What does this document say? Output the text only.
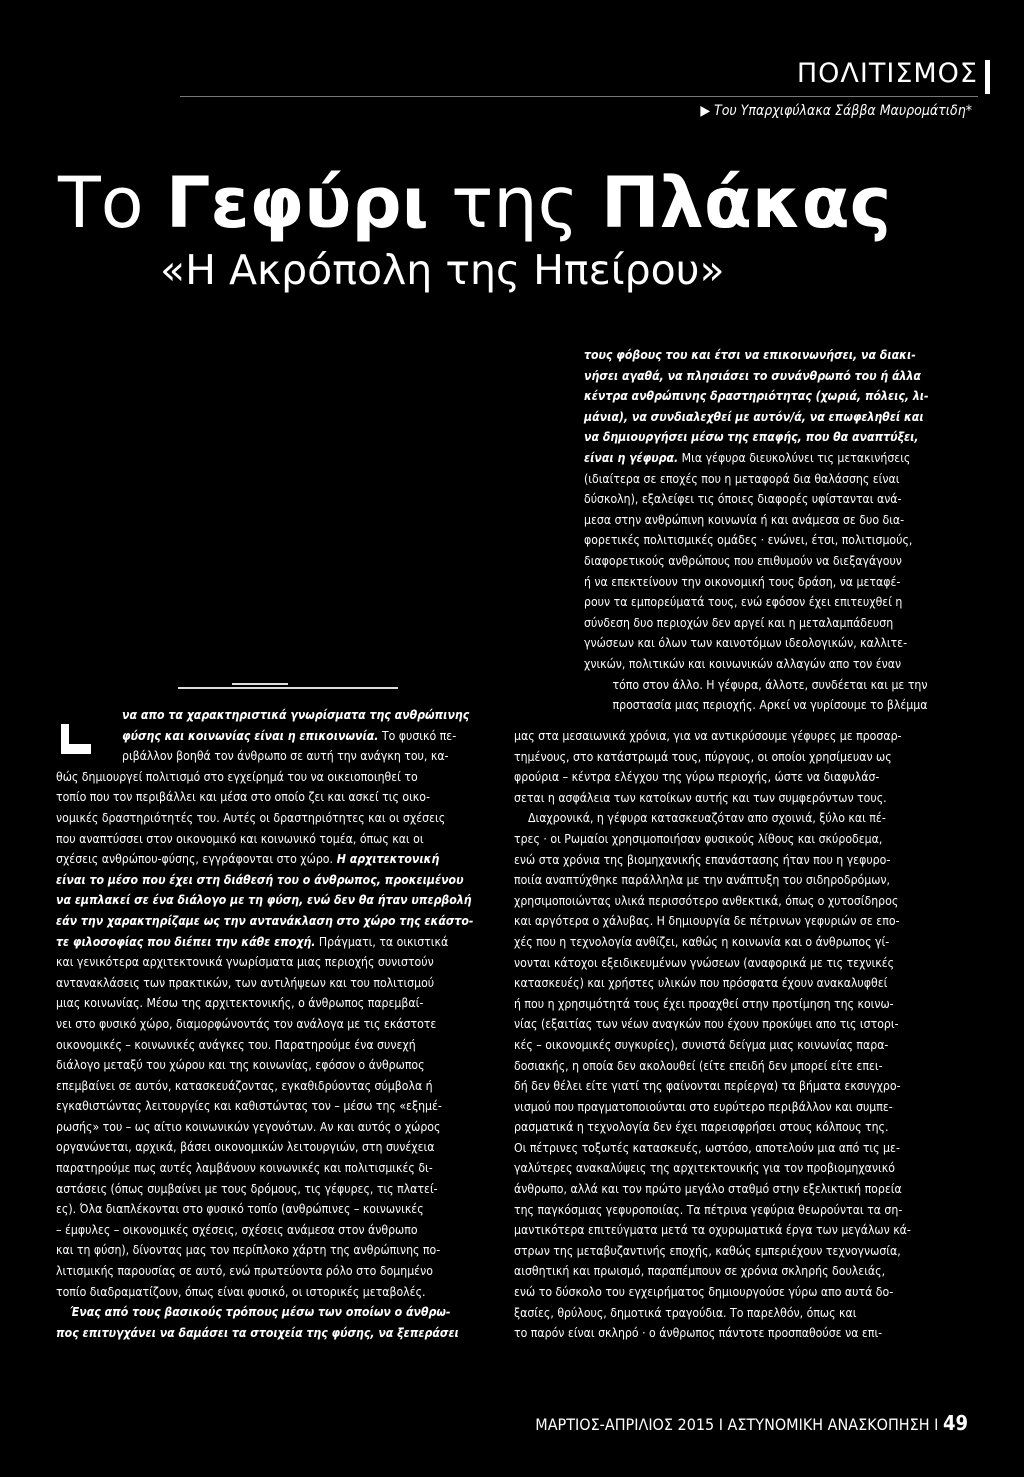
ΠΟΛΙΤΙΣΜΟΣ
▶ Του Υπαρχιφύλακα Σάββα Μαυρομάτιδη*
Το Γεφύρι της Πλάκας
«Η Ακρόπολη της Ηπείρου»
να απο τα χαρακτηριστικά γνωρίσματα της ανθρώπινης
φύσης και κοινωνίας είναι η επικοινωνία. Το φυσικό πε-
ριβάλλον βοηθά τον άνθρωπο σε αυτή την ανάγκη του, κα-
θώς δημιουργεί πολιτισμό στο εγχείρημά του να οικειοποιηθεί το
τοπίο που τον περιβάλλει και μέσα στο οποίο ζει και ασκεί τις οικο-
νομικές δραστηριότητές του. Αυτές οι δραστηριότητες και οι σχέσεις
που αναπτύσσει στον οικονομικό και κοινωνικό τομέα, όπως και οι
σχέσεις ανθρώπου-φύσης, εγγράφονται στο χώρο. Η αρχιτεκτονική
είναι το μέσο που έχει στη διάθεσή του ο άνθρωπος, προκειμένου
να εμπλακεί σε ένα διάλογο με τη φύση, ενώ δεν θα ήταν υπερβολή
εάν την χαρακτηρίζαμε ως την αντανάκλαση στο χώρο της εκάστο-
τε φιλοσοφίας που διέπει την κάθε εποχή. Πράγματι, τα οικιστικά
και γενικότερα αρχιτεκτονικά γνωρίσματα μιας περιοχής συνιστούν
αντανακλάσεις των πρακτικών, των αντιλήψεων και του πολιτισμού
μιας κοινωνίας. Μέσω της αρχιτεκτονικής, ο άνθρωπος παρεμβαί-
νει στο φυσικό χώρο, διαμορφώνοντάς τον ανάλογα με τις εκάστοτε
οικονομικές – κοινωνικές ανάγκες του. Παρατηρούμε ένα συνεχή
διάλογο μεταξύ του χώρου και της κοινωνίας, εφόσον ο άνθρωπος
επεμβαίνει σε αυτόν, κατασκευάζοντας, εγκαθιδρύοντας σύμβολα ή
εγκαθιστώντας λειτουργίες και καθιστώντας τον – μέσω της «εξημέ-
ρωσής» του – ως αίτιο κοινωνικών γεγονότων. Αν και αυτός ο χώρος
οργανώνεται, αρχικά, βάσει οικονομικών λειτουργιών, στη συνέχεια
παρατηρούμε πως αυτές λαμβάνουν κοινωνικές και πολιτισμικές δι-
αστάσεις (όπως συμβαίνει με τους δρόμους, τις γέφυρες, τις πλατεί-
ες). Όλα διαπλέκονται στο φυσικό τοπίο (ανθρώπινες – κοινωνικές
– έμφυλες – οικονομικές σχέσεις, σχέσεις ανάμεσα στον άνθρωπο
και τη φύση), δίνοντας μας τον περίπλοκο χάρτη της ανθρώπινης πο-
λιτισμικής παρουσίας σε αυτό, ενώ πρωτεύοντα ρόλο στο δομημένο
τοπίο διαδραματίζουν, όπως είναι φυσικό, οι ιστορικές μεταβολές.
Ένας από τους βασικούς τρόπους μέσω των οποίων ο άνθρω-
πος επιτυγχάνει να δαμάσει τα στοιχεία της φύσης, να ξεπεράσει
τους φόβους του και έτσι να επικοινωνήσει, να διακι-
νήσει αγαθά, να πλησιάσει το συνάνθρωπό του ή άλλα
κέντρα ανθρώπινης δραστηριότητας (χωριά, πόλεις, λι-
μάνια), να συνδιαλεχθεί με αυτόν/ά, να επωφεληθεί και
να δημιουργήσει μέσω της επαφής, που θα αναπτύξει,
είναι η γέφυρα. Μια γέφυρα διευκολύνει τις μετακινήσεις
(ιδιαίτερα σε εποχές που η μεταφορά δια θαλάσσης είναι
δύσκολη), εξαλείφει τις όποιες διαφορές υφίστανται ανά-
μεσα στην ανθρώπινη κοινωνία ή και ανάμεσα σε δυο δια-
φορετικές πολιτισμικές ομάδες · ενώνει, έτσι, πολιτισμούς,
διαφορετικούς ανθρώπους που επιθυμούν να διεξαγάγουν
ή να επεκτείνουν την οικονομική τους δράση, να μεταφέ-
ρουν τα εμπορεύματά τους, ενώ εφόσον έχει επιτευχθεί η
σύνδεση δυο περιοχών δεν αργεί και η μεταλαμπάδευση
γνώσεων και όλων των καινοτόμων ιδεολογικών, καλλιτε-
χνικών, πολιτικών και κοινωνικών αλλαγών απο τον έναν
τόπο στον άλλο. Η γέφυρα, άλλοτε, συνδέεται και με την
προστασία μιας περιοχής. Αρκεί να γυρίσουμε το βλέμμα
μας στα μεσαιωνικά χρόνια, για να αντικρύσουμε γέφυρες με προσαρ-
τημένους, στο κατάστρωμά τους, πύργους, οι οποίοι χρησίμευαν ως
φρούρια – κέντρα ελέγχου της γύρω περιοχής, ώστε να διαφυλάσ-
σεται η ασφάλεια των κατοίκων αυτής και των συμφερόντων τους.
Διαχρονικά, η γέφυρα κατασκευαζόταν απο σχοινιά, ξύλο και πέ-
τρες · οι Ρωμαίοι χρησιμοποιήσαν φυσικούς λίθους και σκύροδεμα,
ενώ στα χρόνια της βιομηχανικής επανάστασης ήταν που η γεφυρο-
ποιία αναπτύχθηκε παράλληλα με την ανάπτυξη του σιδηροδρόμων,
χρησιμοποιώντας υλικά περισσότερο ανθεκτικά, όπως ο χυτοσίδηρος
και αργότερα ο χάλυβας. Η δημιουργία δε πέτρινων γεφυριών σε επο-
χές που η τεχνολογία ανθίζει, καθώς η κοινωνία και ο άνθρωπος γί-
νονται κάτοχοι εξειδικευμένων γνώσεων (αναφορικά με τις τεχνικές
κατασκευές) και χρήστες υλικών που πρόσφατα έχουν ανακαλυφθεί
ή που η χρησιμότητά τους έχει προαχθεί στην προτίμηση της κοινω-
νίας (εξαιτίας των νέων αναγκών που έχουν προκύψει απο τις ιστορι-
κές – οικονομικές συγκυρίες), συνιστά δείγμα μιας κοινωνίας παρα-
δοσιακής, η οποία δεν ακολουθεί (είτε επειδή δεν μπορεί είτε επει-
δή δεν θέλει είτε γιατί της φαίνονται περίεργα) τα βήματα εκσυγχρο-
νισμού που πραγματοποιούνται στο ευρύτερο περιβάλλον και συμπε-
ρασματικά η τεχνολογία δεν έχει παρεισφρήσει στους κόλπους της.
Οι πέτρινες τοξωτές κατασκευές, ωστόσο, αποτελούν μια από τις με-
γαλύτερες ανακαλύψεις της αρχιτεκτονικής για τον προβιομηχανικό
άνθρωπο, αλλά και τον πρώτο μεγάλο σταθμό στην εξελικτική πορεία
της παγκόσμιας γεφυροποιίας. Τα πέτρινα γεφύρια θεωρούνται τα ση-
μαντικότερα επιτεύγματα μετά τα οχυρωματικά έργα των μεγάλων κά-
στρων της μεταβυζαντινής εποχής, καθώς εμπεριέχουν τεχνογνωσία,
αισθητική και πρωισμό, παραπέμπουν σε χρόνια σκληρής δουλειάς,
ενώ το δύσκολο του εγχειρήματος δημιουργούσε γύρω απο αυτά δο-
ξασίες, θρύλους, δημοτικά τραγούδια. Το παρελθόν, όπως και
το παρόν είναι σκληρό · ο άνθρωπος πάντοτε προσπαθούσε να επι-
ΜΑΡΤΙΟΣ-ΑΠΡΙΛΙΟΣ 2015 Ι ΑΣΤΥΝΟΜΙΚΗ ΑΝΑΣΚΟΠΗΣΗ Ι 49
